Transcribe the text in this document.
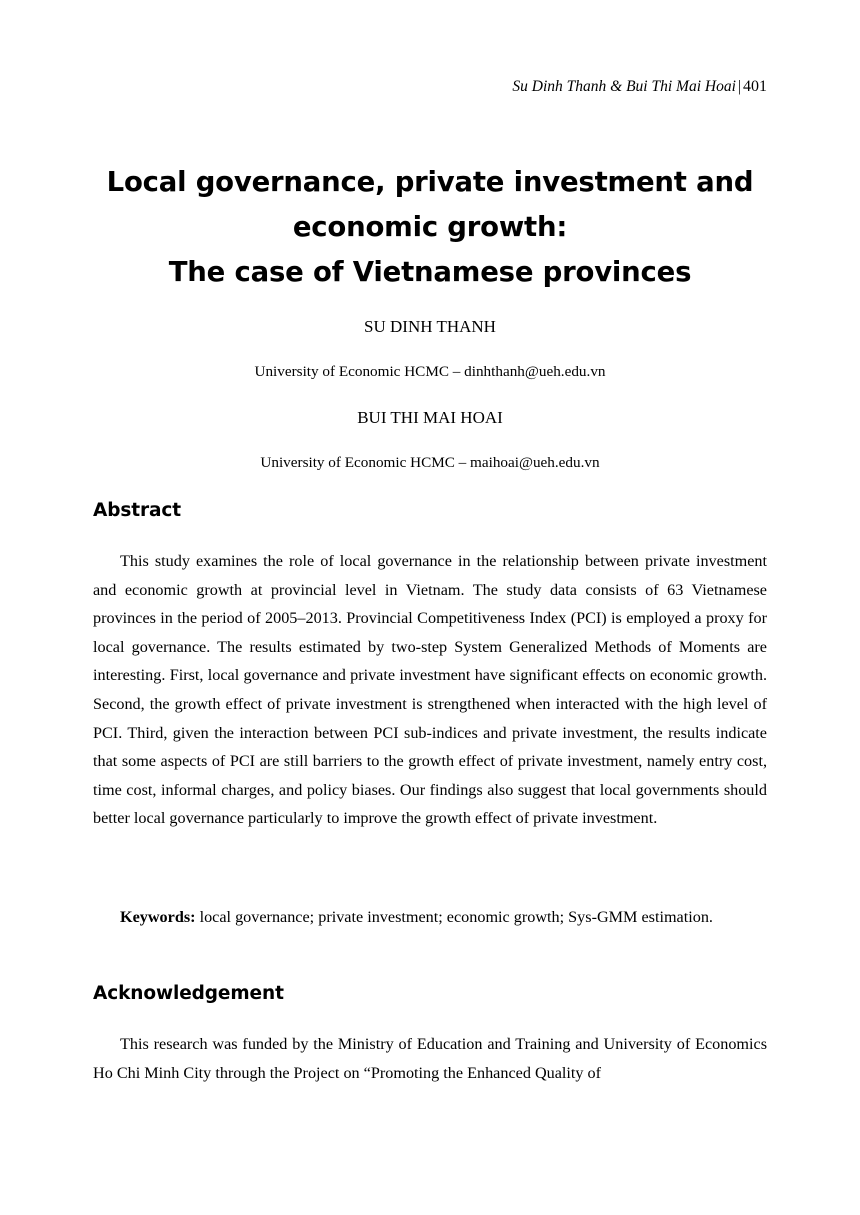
Su Dinh Thanh & Bui Thi Mai Hoai | 401
Local governance, private investment and
economic growth:
The case of Vietnamese provinces

SU DINH THANH

University of Economic HCMC – dinhthanh@ueh.edu.vn

BUI THI MAI HOAI

University of Economic HCMC – maihoai@ueh.edu.vn

Abstract

This study examines the role of local governance in the relationship between private investment and economic growth at provincial level in Vietnam. The study data consists of 63 Vietnamese provinces in the period of 2005–2013. Provincial Competitiveness Index (PCI) is employed a proxy for local governance. The results estimated by two-step System Generalized Methods of Moments are interesting. First, local governance and private investment have significant effects on economic growth. Second, the growth effect of private investment is strengthened when interacted with the high level of PCI. Third, given the interaction between PCI sub-indices and private investment, the results indicate that some aspects of PCI are still barriers to the growth effect of private investment, namely entry cost, time cost, informal charges, and policy biases. Our findings also suggest that local governments should better local governance particularly to improve the growth effect of private investment.

Keywords: local governance; private investment; economic growth; Sys-GMM estimation.

Acknowledgement

This research was funded by the Ministry of Education and Training and University of Economics Ho Chi Minh City through the Project on “Promoting the Enhanced Quality of
